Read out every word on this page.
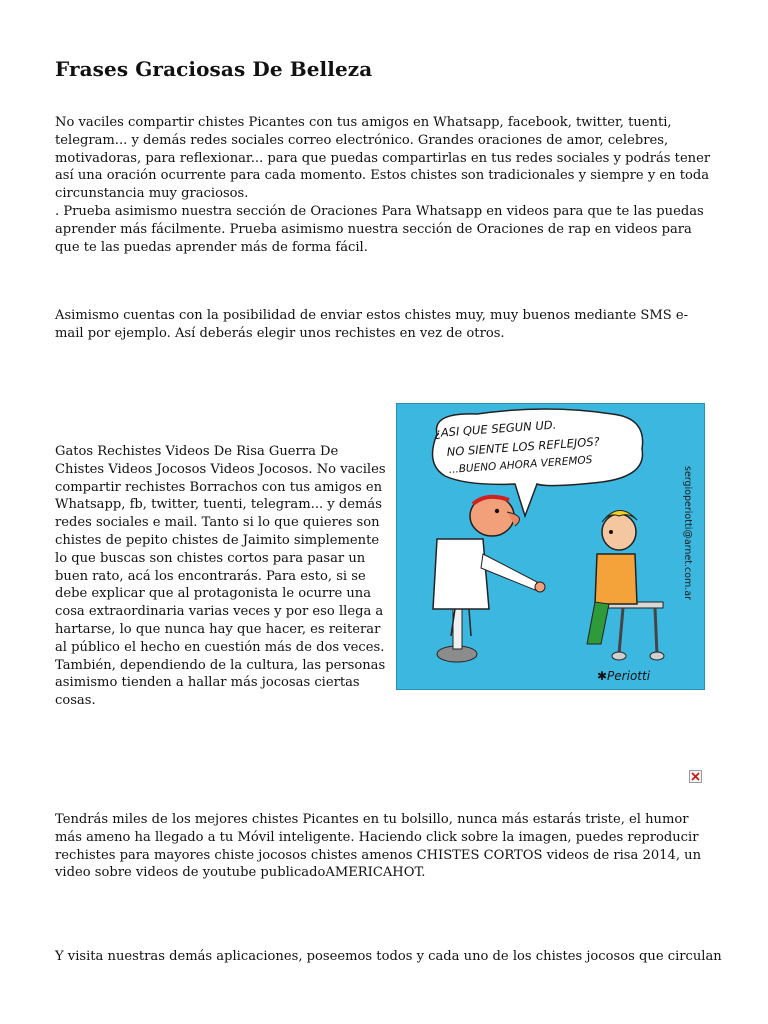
Frases Graciosas De Belleza
No vaciles compartir chistes Picantes con tus amigos en Whatsapp, facebook, twitter, tuenti, telegram... y demás redes sociales correo electrónico. Grandes oraciones de amor, celebres, motivadoras, para reflexionar... para que puedas compartirlas en tus redes sociales y podrás tener así una oración ocurrente para cada momento. Estos chistes son tradicionales y siempre y en toda circunstancia muy graciosos.
. Prueba asimismo nuestra sección de Oraciones Para Whatsapp en videos para que te las puedas aprender más fácilmente. Prueba asimismo nuestra sección de Oraciones de rap en videos para que te las puedas aprender más de forma fácil.

Asimismo cuentas con la posibilidad de enviar estos chistes muy, muy buenos mediante SMS e-mail por ejemplo. Así deberás elegir unos rechistes en vez de otros.

Gatos Rechistes Videos De Risa Guerra De Chistes Videos Jocosos Videos Jocosos. No vaciles compartir rechistes Borrachos con tus amigos en Whatsapp, fb, twitter, tuenti, telegram... y demás redes sociales e mail. Tanto si lo que quieres son chistes de pepito chistes de Jaimito simplemente lo que buscas son chistes cortos para pasar un buen rato, acá los encontrarás. Para esto, si se debe explicar que al protagonista le ocurre una cosa extraordinaria varias veces y por eso llega a hartarse, lo que nunca hay que hacer, es reiterar al público el hecho en cuestión más de dos veces. También, dependiendo de la cultura, las personas asimismo tienden a hallar más jocosas ciertas cosas.

¿ASI QUE SEGUN UD.
NO SIENTE LOS REFLEJOS?
...BUENO AHORA VEREMOS
sergioperiotti@arnet.com.ar
✱Periotti

Tendrás miles de los mejores chistes Picantes en tu bolsillo, nunca más estarás triste, el humor más ameno ha llegado a tu Móvil inteligente. Haciendo click sobre la imagen, puedes reproducir rechistes para mayores chiste jocosos chistes amenos CHISTES CORTOS videos de risa 2014, un video sobre videos de youtube publicadoAMERICAHOT.

Y visita nuestras demás aplicaciones, poseemos todos y cada uno de los chistes jocosos que circulan
